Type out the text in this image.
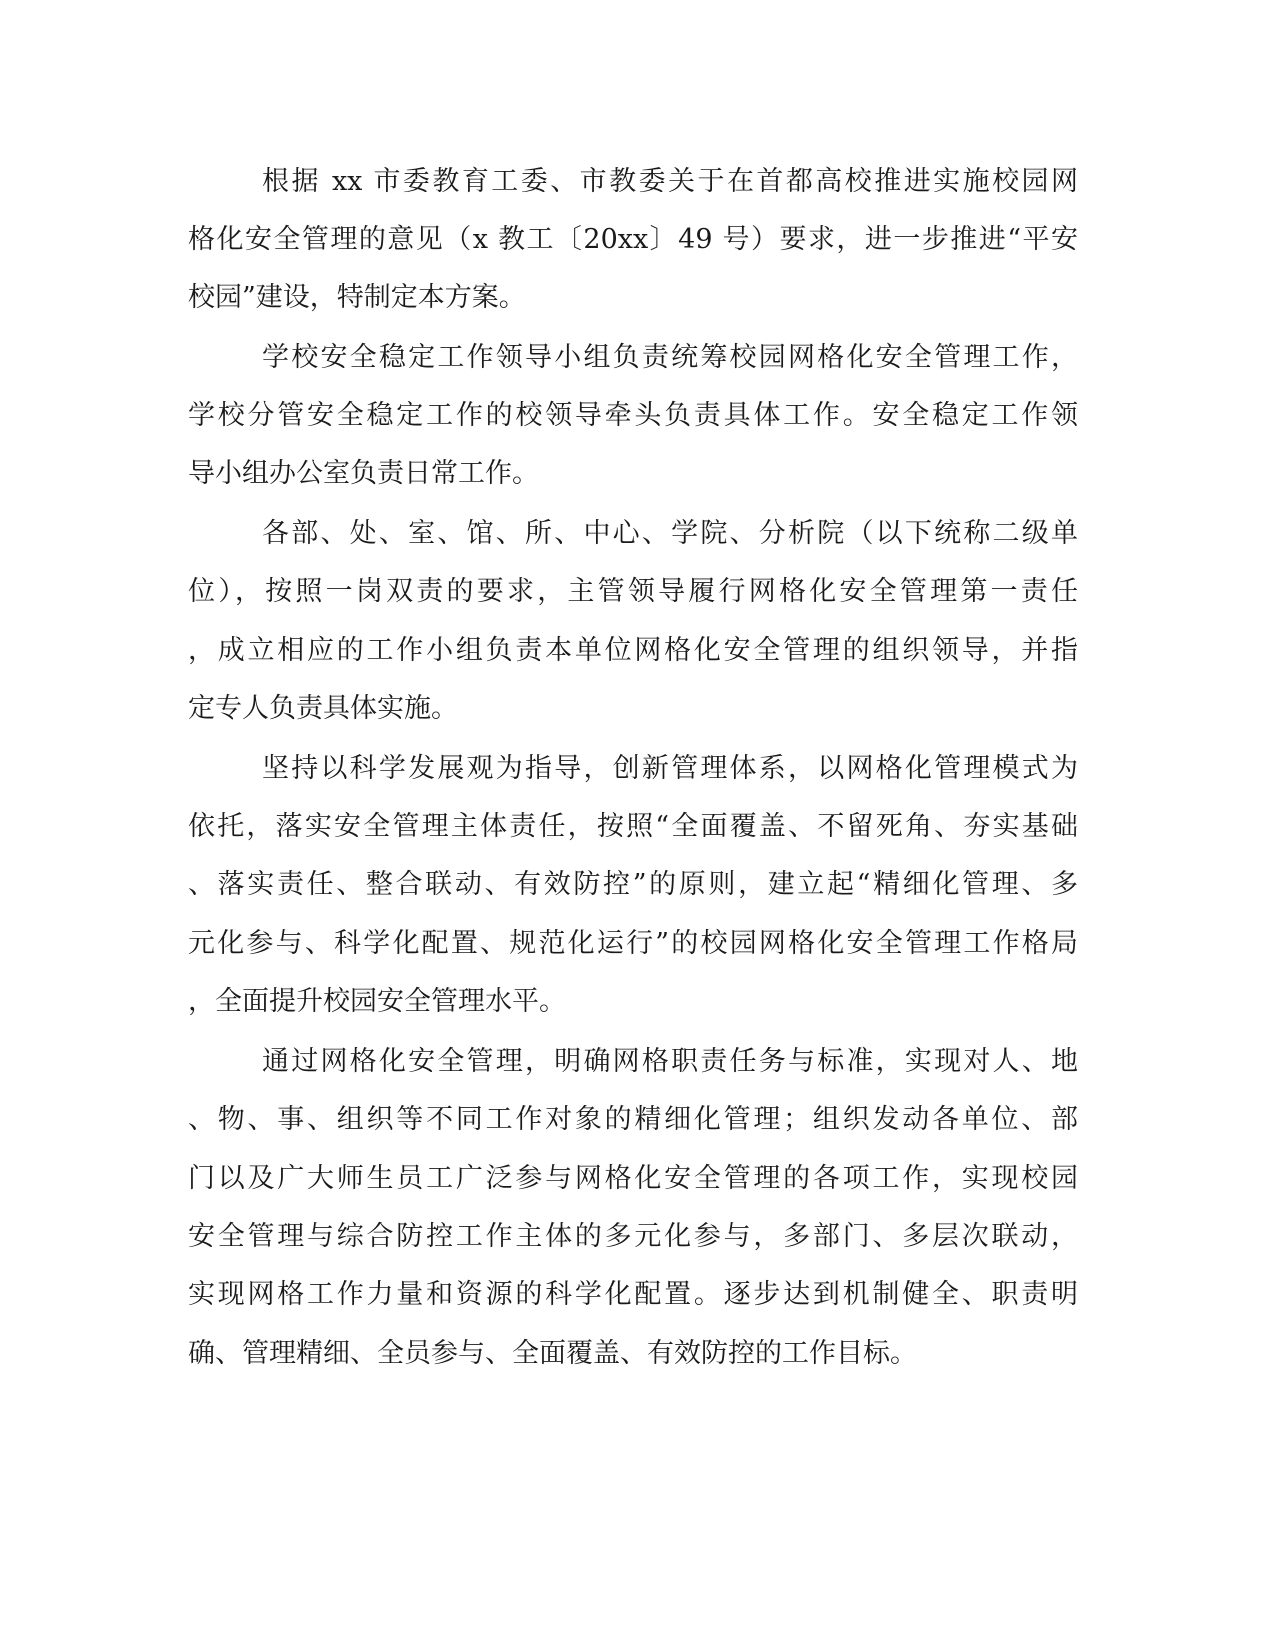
根据 xx 市委教育工委、市教委关于在首都高校推进实施校园网
格化安全管理的意见（x 教工〔20xx〕49 号）要求，进一步推进“平安
校园”建设，特制定本方案。
学校安全稳定工作领导小组负责统筹校园网格化安全管理工作，
学校分管安全稳定工作的校领导牵头负责具体工作。安全稳定工作领
导小组办公室负责日常工作。
各部、处、室、馆、所、中心、学院、分析院（以下统称二级单
位），按照一岗双责的要求，主管领导履行网格化安全管理第一责任
，成立相应的工作小组负责本单位网格化安全管理的组织领导，并指
定专人负责具体实施。
坚持以科学发展观为指导，创新管理体系，以网格化管理模式为
依托，落实安全管理主体责任，按照“全面覆盖、不留死角、夯实基础
、落实责任、整合联动、有效防控”的原则，建立起“精细化管理、多
元化参与、科学化配置、规范化运行”的校园网格化安全管理工作格局
，全面提升校园安全管理水平。
通过网格化安全管理，明确网格职责任务与标准，实现对人、地
、物、事、组织等不同工作对象的精细化管理；组织发动各单位、部
门以及广大师生员工广泛参与网格化安全管理的各项工作，实现校园
安全管理与综合防控工作主体的多元化参与，多部门、多层次联动，
实现网格工作力量和资源的科学化配置。逐步达到机制健全、职责明
确、管理精细、全员参与、全面覆盖、有效防控的工作目标。
